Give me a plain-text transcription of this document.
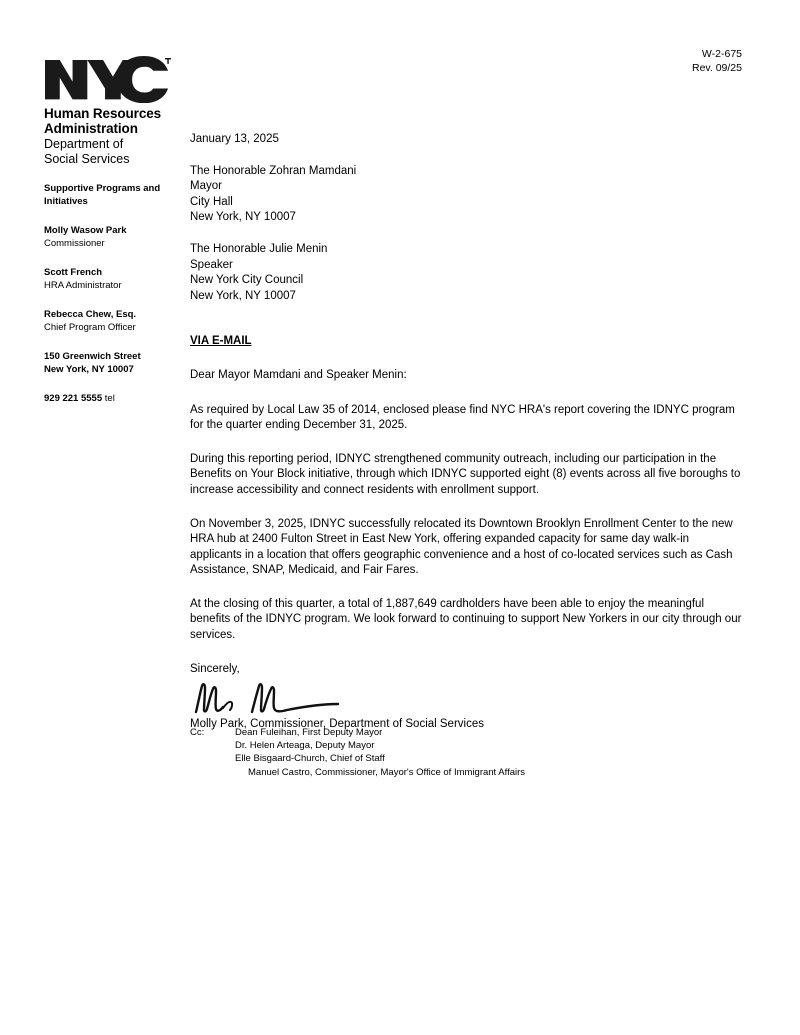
W-2-675
Rev. 09/25
Human Resources
Administration
Department of
Social Services
Supportive Programs and
Initiatives
Molly Wasow Park
Commissioner
Scott French
HRA Administrator
Rebecca Chew, Esq.
Chief Program Officer
150 Greenwich Street
New York, NY 10007
929 221 5555 tel
January 13, 2025
The Honorable Zohran Mamdani
Mayor
City Hall
New York, NY 10007
The Honorable Julie Menin
Speaker
New York City Council
New York, NY 10007
VIA E-MAIL
Dear Mayor Mamdani and Speaker Menin:

As required by Local Law 35 of 2014, enclosed please find NYC HRA's report covering the IDNYC program for the quarter ending December 31, 2025.

During this reporting period, IDNYC strengthened community outreach, including our participation in the Benefits on Your Block initiative, through which IDNYC supported eight (8) events across all five boroughs to increase accessibility and connect residents with enrollment support.

On November 3, 2025, IDNYC successfully relocated its Downtown Brooklyn Enrollment Center to the new HRA hub at 2400 Fulton Street in East New York, offering expanded capacity for same day walk-in applicants in a location that offers geographic convenience and a host of co-located services such as Cash Assistance, SNAP, Medicaid, and Fair Fares.

At the closing of this quarter, a total of 1,887,649 cardholders have been able to enjoy the meaningful benefits of the IDNYC program. We look forward to continuing to support New Yorkers in our city through our services.

Sincerely,
Molly Park, Commissioner, Department of Social Services
Cc:	Dean Fuleihan, First Deputy Mayor
Dr. Helen Arteaga, Deputy Mayor
Elle Bisgaard-Church, Chief of Staff
Manuel Castro, Commissioner, Mayor's Office of Immigrant Affairs
